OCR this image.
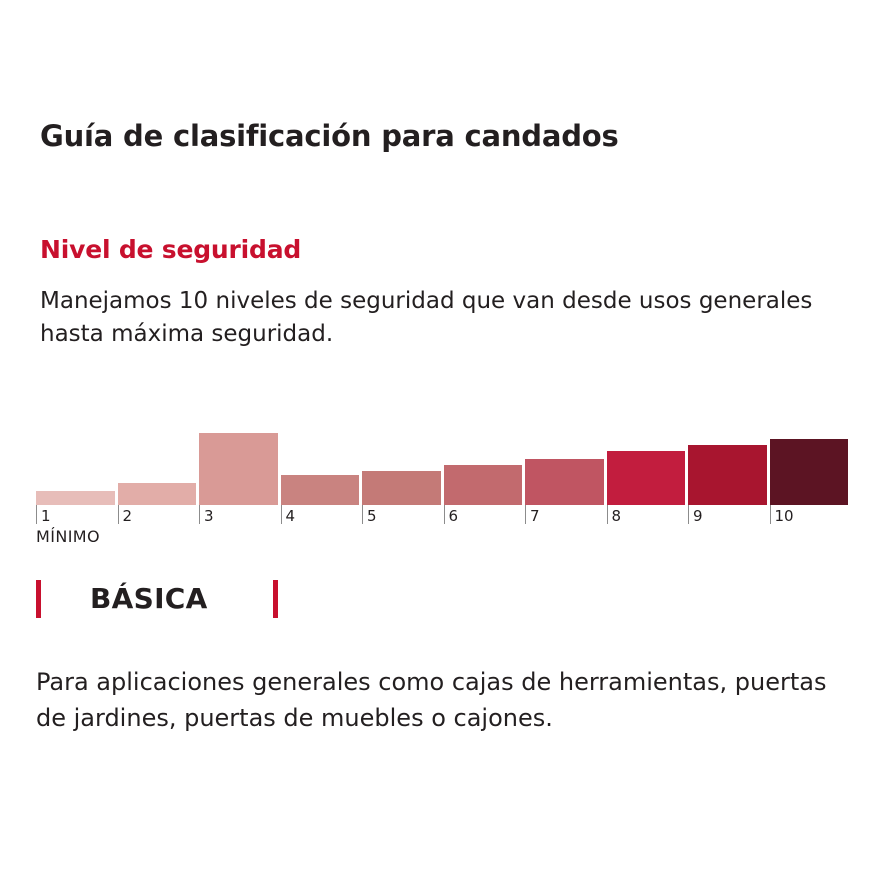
Guía de clasificación para candados
Nivel de seguridad

Manejamos 10 niveles de seguridad que van desde usos generales hasta máxima seguridad.

1	2	3	4	5	6	7	8	9	10
MÍNIMO
BÁSICA

Para aplicaciones generales como cajas de herramientas, puertas de jardines, puertas de muebles o cajones.
